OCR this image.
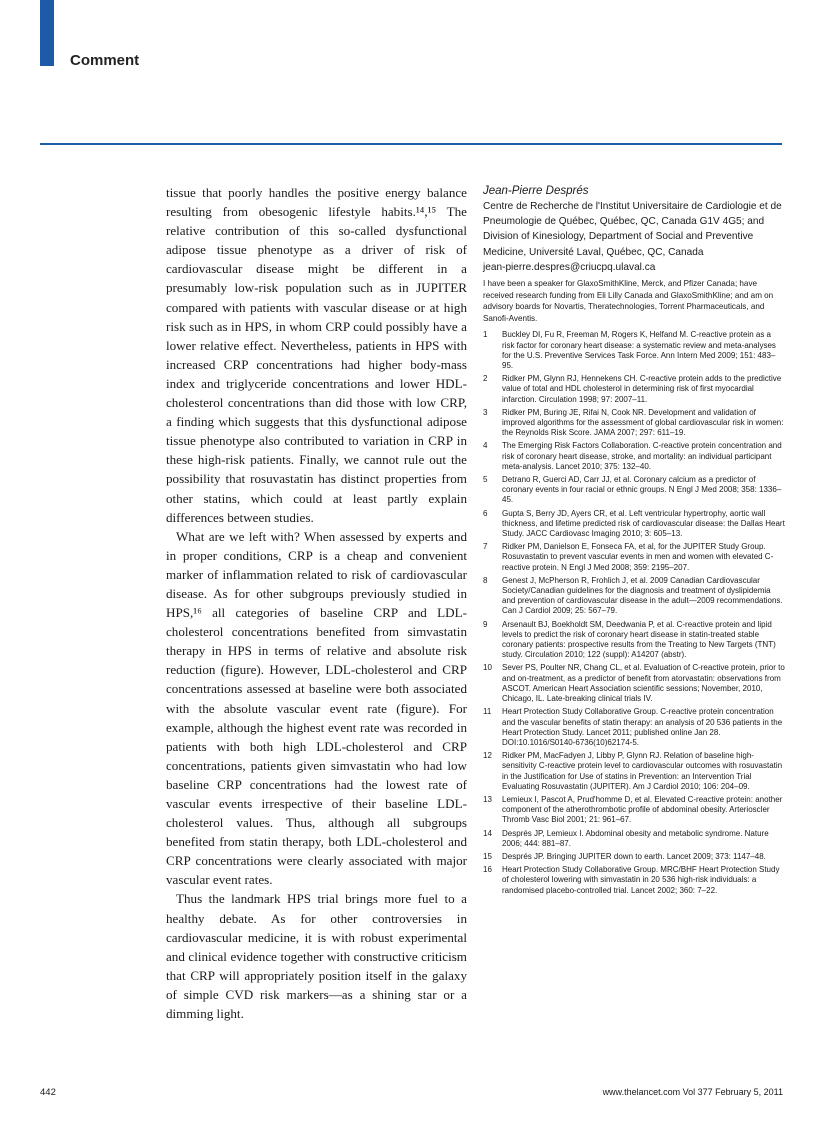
Comment

tissue that poorly handles the positive energy balance resulting from obesogenic lifestyle habits.¹⁴,¹⁵ The relative contribution of this so-called dysfunctional adipose tissue phenotype as a driver of risk of cardiovascular disease might be different in a presumably low-risk population such as in JUPITER compared with patients with vascular disease or at high risk such as in HPS, in whom CRP could possibly have a lower relative effect. Nevertheless, patients in HPS with increased CRP concentrations had higher body-mass index and triglyceride concentrations and lower HDL-cholesterol concentrations than did those with low CRP, a finding which suggests that this dysfunctional adipose tissue phenotype also contributed to variation in CRP in these high-risk patients. Finally, we cannot rule out the possibility that rosuvastatin has distinct properties from other statins, which could at least partly explain differences between studies.

What are we left with? When assessed by experts and in proper conditions, CRP is a cheap and convenient marker of inflammation related to risk of cardiovascular disease. As for other subgroups previously studied in HPS,¹⁶ all categories of baseline CRP and LDL-cholesterol concentrations benefited from simvastatin therapy in HPS in terms of relative and absolute risk reduction (figure). However, LDL-cholesterol and CRP concentrations assessed at baseline were both associated with the absolute vascular event rate (figure). For example, although the highest event rate was recorded in patients with both high LDL-cholesterol and CRP concentrations, patients given simvastatin who had low baseline CRP concentrations had the lowest rate of vascular events irrespective of their baseline LDL-cholesterol values. Thus, although all subgroups benefited from statin therapy, both LDL-cholesterol and CRP concentrations were clearly associated with major vascular event rates.

Thus the landmark HPS trial brings more fuel to a healthy debate. As for other controversies in cardiovascular medicine, it is with robust experimental and clinical evidence together with constructive criticism that CRP will appropriately position itself in the galaxy of simple CVD risk markers—as a shining star or a dimming light.

Jean-Pierre Després
Centre de Recherche de l'Institut Universitaire de Cardiologie et de Pneumologie de Québec, Québec, QC, Canada G1V 4G5; and Division of Kinesiology, Department of Social and Preventive Medicine, Université Laval, Québec, QC, Canada
jean-pierre.despres@criucpq.ulaval.ca
I have been a speaker for GlaxoSmithKline, Merck, and Pfizer Canada; have received research funding from Eli Lilly Canada and GlaxoSmithKline; and am on advisory boards for Novartis, Theratechnologies, Torrent Pharmaceuticals, and Sanofi-Aventis.
1	Buckley DI, Fu R, Freeman M, Rogers K, Helfand M. C-reactive protein as a risk factor for coronary heart disease: a systematic review and meta-analyses for the U.S. Preventive Services Task Force. Ann Intern Med 2009; 151: 483–95.
2	Ridker PM, Glynn RJ, Hennekens CH. C-reactive protein adds to the predictive value of total and HDL cholesterol in determining risk of first myocardial infarction. Circulation 1998; 97: 2007–11.
3	Ridker PM, Buring JE, Rifai N, Cook NR. Development and validation of improved algorithms for the assessment of global cardiovascular risk in women: the Reynolds Risk Score. JAMA 2007; 297: 611–19.
4	The Emerging Risk Factors Collaboration. C-reactive protein concentration and risk of coronary heart disease, stroke, and mortality: an individual participant meta-analysis. Lancet 2010; 375: 132–40.
5	Detrano R, Guerci AD, Carr JJ, et al. Coronary calcium as a predictor of coronary events in four racial or ethnic groups. N Engl J Med 2008; 358: 1336–45.
6	Gupta S, Berry JD, Ayers CR, et al. Left ventricular hypertrophy, aortic wall thickness, and lifetime predicted risk of cardiovascular disease: the Dallas Heart Study. JACC Cardiovasc Imaging 2010; 3: 605–13.
7	Ridker PM, Danielson E, Fonseca FA, et al, for the JUPITER Study Group. Rosuvastatin to prevent vascular events in men and women with elevated C-reactive protein. N Engl J Med 2008; 359: 2195–207.
8	Genest J, McPherson R, Frohlich J, et al. 2009 Canadian Cardiovascular Society/Canadian guidelines for the diagnosis and treatment of dyslipidemia and prevention of cardiovascular disease in the adult—2009 recommendations. Can J Cardiol 2009; 25: 567–79.
9	Arsenault BJ, Boekholdt SM, Deedwania P, et al. C-reactive protein and lipid levels to predict the risk of coronary heart disease in statin-treated stable coronary patients: prospective results from the Treating to New Targets (TNT) study. Circulation 2010; 122 (suppl): A14207 (abstr).
10	Sever PS, Poulter NR, Chang CL, et al. Evaluation of C-reactive protein, prior to and on-treatment, as a predictor of benefit from atorvastatin: observations from ASCOT. American Heart Association scientific sessions; November, 2010, Chicago, IL. Late-breaking clinical trials IV.
11	Heart Protection Study Collaborative Group. C-reactive protein concentration and the vascular benefits of statin therapy: an analysis of 20 536 patients in the Heart Protection Study. Lancet 2011; published online Jan 28. DOI:10.1016/S0140-6736(10)62174-5.
12	Ridker PM, MacFadyen J, Libby P, Glynn RJ. Relation of baseline high-sensitivity C-reactive protein level to cardiovascular outcomes with rosuvastatin in the Justification for Use of statins in Prevention: an Intervention Trial Evaluating Rosuvastatin (JUPITER). Am J Cardiol 2010; 106: 204–09.
13	Lemieux I, Pascot A, Prud'homme D, et al. Elevated C-reactive protein: another component of the atherothrombotic profile of abdominal obesity. Arterioscler Thromb Vasc Biol 2001; 21: 961–67.
14	Després JP, Lemieux I. Abdominal obesity and metabolic syndrome. Nature 2006; 444: 881–87.
15	Després JP. Bringing JUPITER down to earth. Lancet 2009; 373: 1147–48.
16	Heart Protection Study Collaborative Group. MRC/BHF Heart Protection Study of cholesterol lowering with simvastatin in 20 536 high-risk individuals: a randomised placebo-controlled trial. Lancet 2002; 360: 7–22.
442	www.thelancet.com Vol 377 February 5, 2011
